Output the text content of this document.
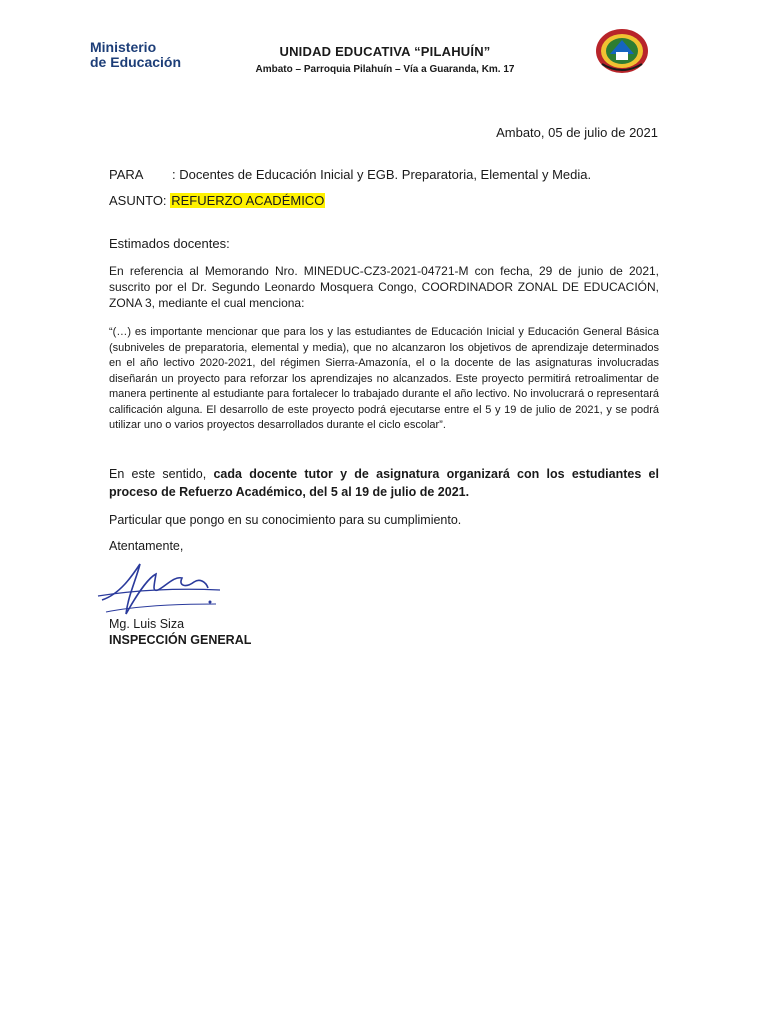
Ministerio
de Educación
UNIDAD EDUCATIVA “PILAHUÍN”
Ambato – Parroquia Pilahuín – Vía a Guaranda, Km. 17
Ambato, 05 de julio de 2021
PARA : Docentes de Educación Inicial y EGB. Preparatoria, Elemental y Media.
ASUNTO: REFUERZO ACADÉMICO
Estimados docentes:
En referencia al Memorando Nro. MINEDUC-CZ3-2021-04721-M con fecha, 29 de junio de 2021, suscrito por el Dr. Segundo Leonardo Mosquera Congo, COORDINADOR ZONAL DE EDUCACIÓN, ZONA 3, mediante el cual menciona:
“(…) es importante mencionar que para los y las estudiantes de Educación Inicial y Educación General Básica (subniveles de preparatoria, elemental y media), que no alcanzaron los objetivos de aprendizaje determinados en el año lectivo 2020-2021, del régimen Sierra-Amazonía, el o la docente de las asignaturas involucradas diseñarán un proyecto para reforzar los aprendizajes no alcanzados. Este proyecto permitirá retroalimentar de manera pertinente al estudiante para fortalecer lo trabajado durante el año lectivo. No involucrará o representará calificación alguna. El desarrollo de este proyecto podrá ejecutarse entre el 5 y 19 de julio de 2021, y se podrá utilizar uno o varios proyectos desarrollados durante el ciclo escolar”.
En este sentido, cada docente tutor y de asignatura organizará con los estudiantes el proceso de Refuerzo Académico, del 5 al 19 de julio de 2021.
Particular que pongo en su conocimiento para su cumplimiento.
Atentamente,
Mg. Luis Siza
INSPECCIÓN GENERAL
